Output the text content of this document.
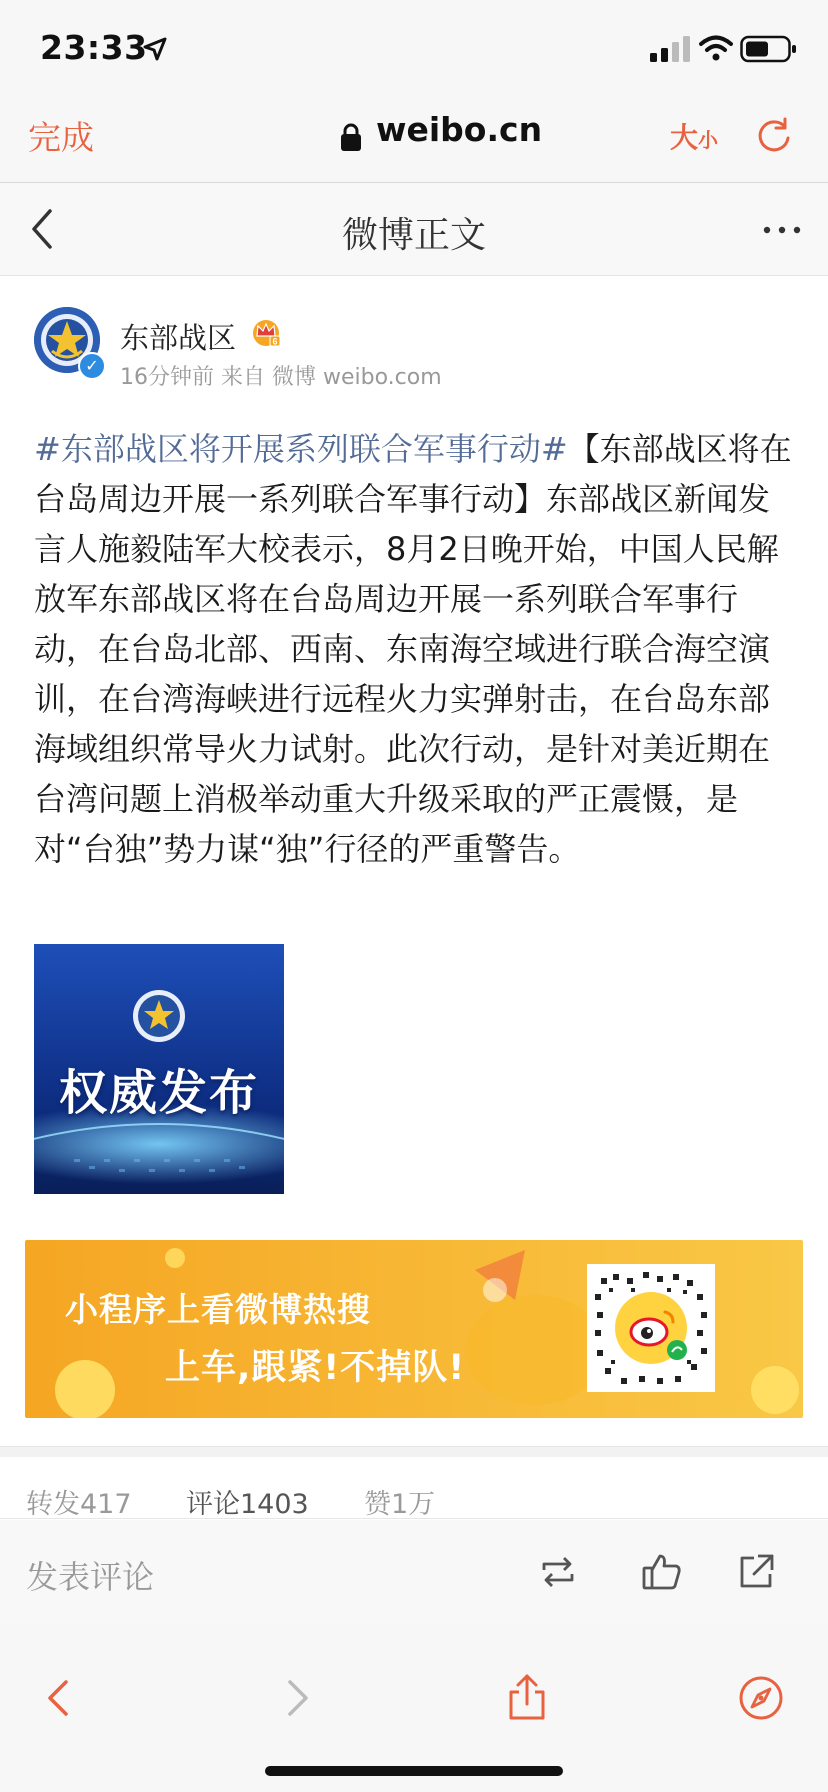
23:33
完成	weibo.cn	大小
微博正文
✓
东部战区	6
16分钟前 来自 微博 weibo.com
#东部战区将开展系列联合军事行动#【东部战区将在台岛周边开展一系列联合军事行动】东部战区新闻发言人施毅陆军大校表示，8月2日晚开始，中国人民解放军东部战区将在台岛周边开展一系列联合军事行动，在台岛北部、西南、东南海空域进行联合海空演训，在台湾海峡进行远程火力实弹射击，在台岛东部海域组织常导火力试射。此次行动，是针对美近期在台湾问题上消极举动重大升级采取的严正震慑，是对“台独”势力谋“独”行径的严重警告。
权威发布
小程序上看微博热搜
上车,跟紧!不掉队!
转发417 评论1403 赞1万
发表评论
